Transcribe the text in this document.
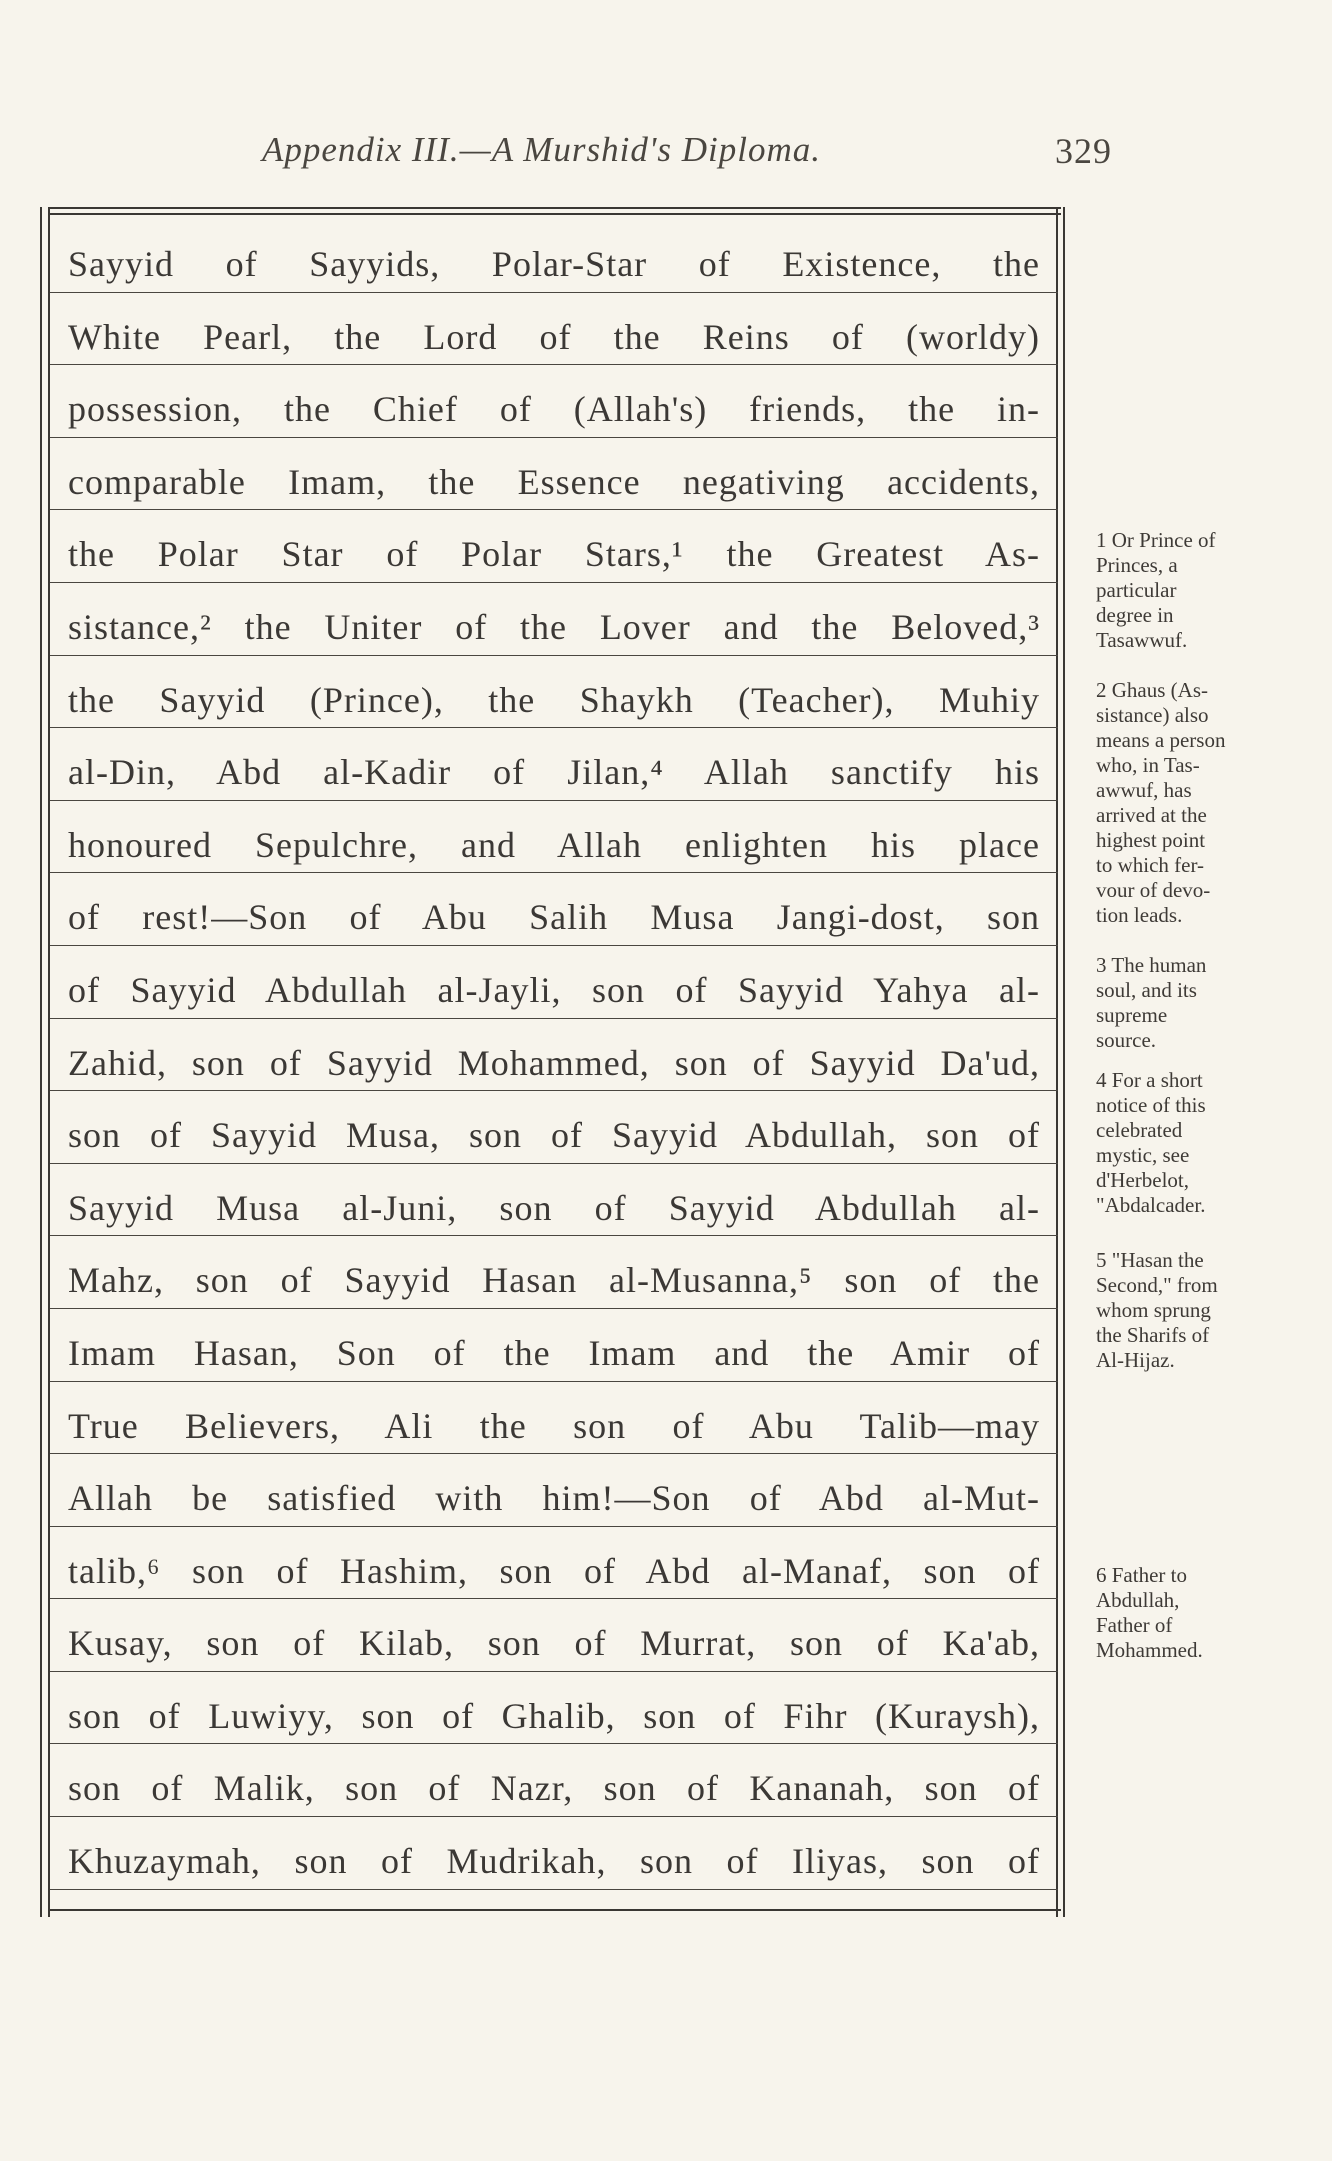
Appendix III.—A Murshid's Diploma.	329
Sayyid of Sayyids, Polar-Star of Existence, the
White Pearl, the Lord of the Reins of (worldy)
possession, the Chief of (Allah's) friends, the in-
comparable Imam, the Essence negativing accidents,
the Polar Star of Polar Stars,¹ the Greatest As-
sistance,² the Uniter of the Lover and the Beloved,³
the Sayyid (Prince), the Shaykh (Teacher), Muhiy
al-Din, Abd al-Kadir of Jilan,⁴ Allah sanctify his
honoured Sepulchre, and Allah enlighten his place
of rest!—Son of Abu Salih Musa Jangi-dost, son
of Sayyid Abdullah al-Jayli, son of Sayyid Yahya al-
Zahid, son of Sayyid Mohammed, son of Sayyid Da'ud,
son of Sayyid Musa, son of Sayyid Abdullah, son of
Sayyid Musa al-Juni, son of Sayyid Abdullah al-
Mahz, son of Sayyid Hasan al-Musanna,⁵ son of the
Imam Hasan, Son of the Imam and the Amir of
True Believers, Ali the son of Abu Talib—may
Allah be satisfied with him!—Son of Abd al-Mut-
talib,⁶ son of Hashim, son of Abd al-Manaf, son of
Kusay, son of Kilab, son of Murrat, son of Ka'ab,
son of Luwiyy, son of Ghalib, son of Fihr (Kuraysh),
son of Malik, son of Nazr, son of Kananah, son of
Khuzaymah, son of Mudrikah, son of Iliyas, son of
1 Or Prince of
Princes, a
particular
degree in
Tasawwuf.
2 Ghaus (As-
sistance) also
means a person
who, in Tas-
awwuf, has
arrived at the
highest point
to which fer-
vour of devo-
tion leads.
3 The human
soul, and its
supreme
source.
4 For a short
notice of this
celebrated
mystic, see
d'Herbelot,
"Abdalcader.
5 "Hasan the
Second," from
whom sprung
the Sharifs of
Al-Hijaz.
6 Father to
Abdullah,
Father of
Mohammed.
